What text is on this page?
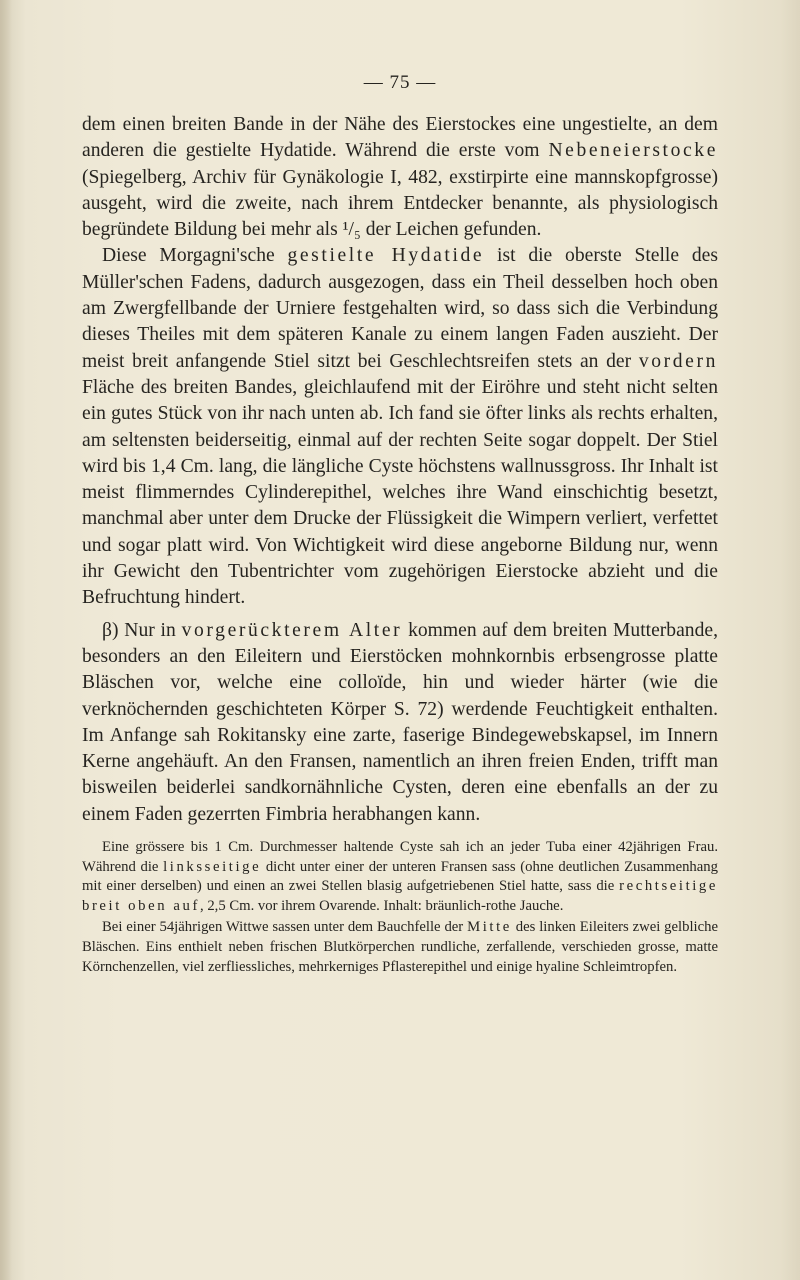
— 75 —

dem einen breiten Bande in der Nähe des Eierstockes eine ungestielte, an dem anderen die gestielte Hydatide. Während die erste vom Nebeneierstocke (Spiegelberg, Archiv für Gynäkologie I, 482, exstirpirte eine mannskopfgrosse) ausgeht, wird die zweite, nach ihrem Entdecker benannte, als physiologisch begründete Bildung bei mehr als ¹/₅ der Leichen gefunden.

Diese Morgagni'sche gestielte Hydatide ist die oberste Stelle des Müller'schen Fadens, dadurch ausgezogen, dass ein Theil desselben hoch oben am Zwergfellbande der Urniere festgehalten wird, so dass sich die Verbindung dieses Theiles mit dem späteren Kanale zu einem langen Faden auszieht. Der meist breit anfangende Stiel sitzt bei Geschlechtsreifen stets an der vordern Fläche des breiten Bandes, gleichlaufend mit der Eiröhre und steht nicht selten ein gutes Stück von ihr nach unten ab. Ich fand sie öfter links als rechts erhalten, am seltensten beiderseitig, einmal auf der rechten Seite sogar doppelt. Der Stiel wird bis 1,4 Cm. lang, die längliche Cyste höchstens wallnussgross. Ihr Inhalt ist meist flimmerndes Cylinderepithel, welches ihre Wand einschichtig besetzt, manchmal aber unter dem Drucke der Flüssigkeit die Wimpern verliert, verfettet und sogar platt wird. Von Wichtigkeit wird diese angeborne Bildung nur, wenn ihr Gewicht den Tubentrichter vom zugehörigen Eierstocke abzieht und die Befruchtung hindert.

β) Nur in vorgerückterem Alter kommen auf dem breiten Mutterbande, besonders an den Eileitern und Eierstöcken mohnkornbis erbsengrosse platte Bläschen vor, welche eine colloïde, hin und wieder härter (wie die verknöchernden geschichteten Körper S. 72) werdende Feuchtigkeit enthalten. Im Anfange sah Rokitansky eine zarte, faserige Bindegewebskapsel, im Innern Kerne angehäuft. An den Fransen, namentlich an ihren freien Enden, trifft man bisweilen beiderlei sandkornähnliche Cysten, deren eine ebenfalls an der zu einem Faden gezerrten Fimbria herabhangen kann.

Eine grössere bis 1 Cm. Durchmesser haltende Cyste sah ich an jeder Tuba einer 42jährigen Frau. Während die linksseitige dicht unter einer der unteren Fransen sass (ohne deutlichen Zusammenhang mit einer derselben) und einen an zwei Stellen blasig aufgetriebenen Stiel hatte, sass die rechtseitige breit oben auf, 2,5 Cm. vor ihrem Ovarende. Inhalt: bräunlich-rothe Jauche.

Bei einer 54jährigen Wittwe sassen unter dem Bauchfelle der Mitte des linken Eileiters zwei gelbliche Bläschen. Eins enthielt neben frischen Blutkörperchen rundliche, zerfallende, verschieden grosse, matte Körnchenzellen, viel zerfliessliches, mehrkerniges Pflasterepithel und einige hyaline Schleimtropfen.
